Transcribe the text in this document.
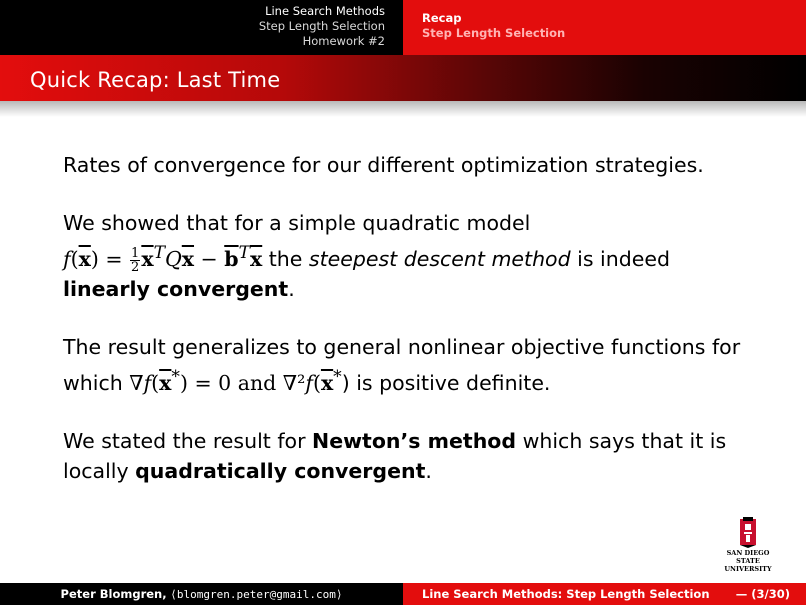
Line Search Methods
Step Length Selection
Homework #2
Recap
Step Length Selection
Quick Recap: Last Time

Rates of convergence for our different optimization strategies.

We showed that for a simple quadratic model
$f(\overline{x}) = \frac{1}{2} \overline{x}^TQ\overline{x} - \overline{b}^T\overline{x}$ the steepest descent method is indeed
linearly convergent.

The result generalizes to general nonlinear objective functions for
which $\nabla f(\overline{x}^*) = 0$ and $\nabla^2f(\overline{x}^*)$ is positive definite.

We stated the result for Newton’s method which says that it is
locally quadratically convergent.

SAN DIEGO STATE
UNIVERSITY
Peter Blomgren, ⟨blomgren.peter@gmail.com⟩	Line Search Methods: Step Length Selection — (3/30)
